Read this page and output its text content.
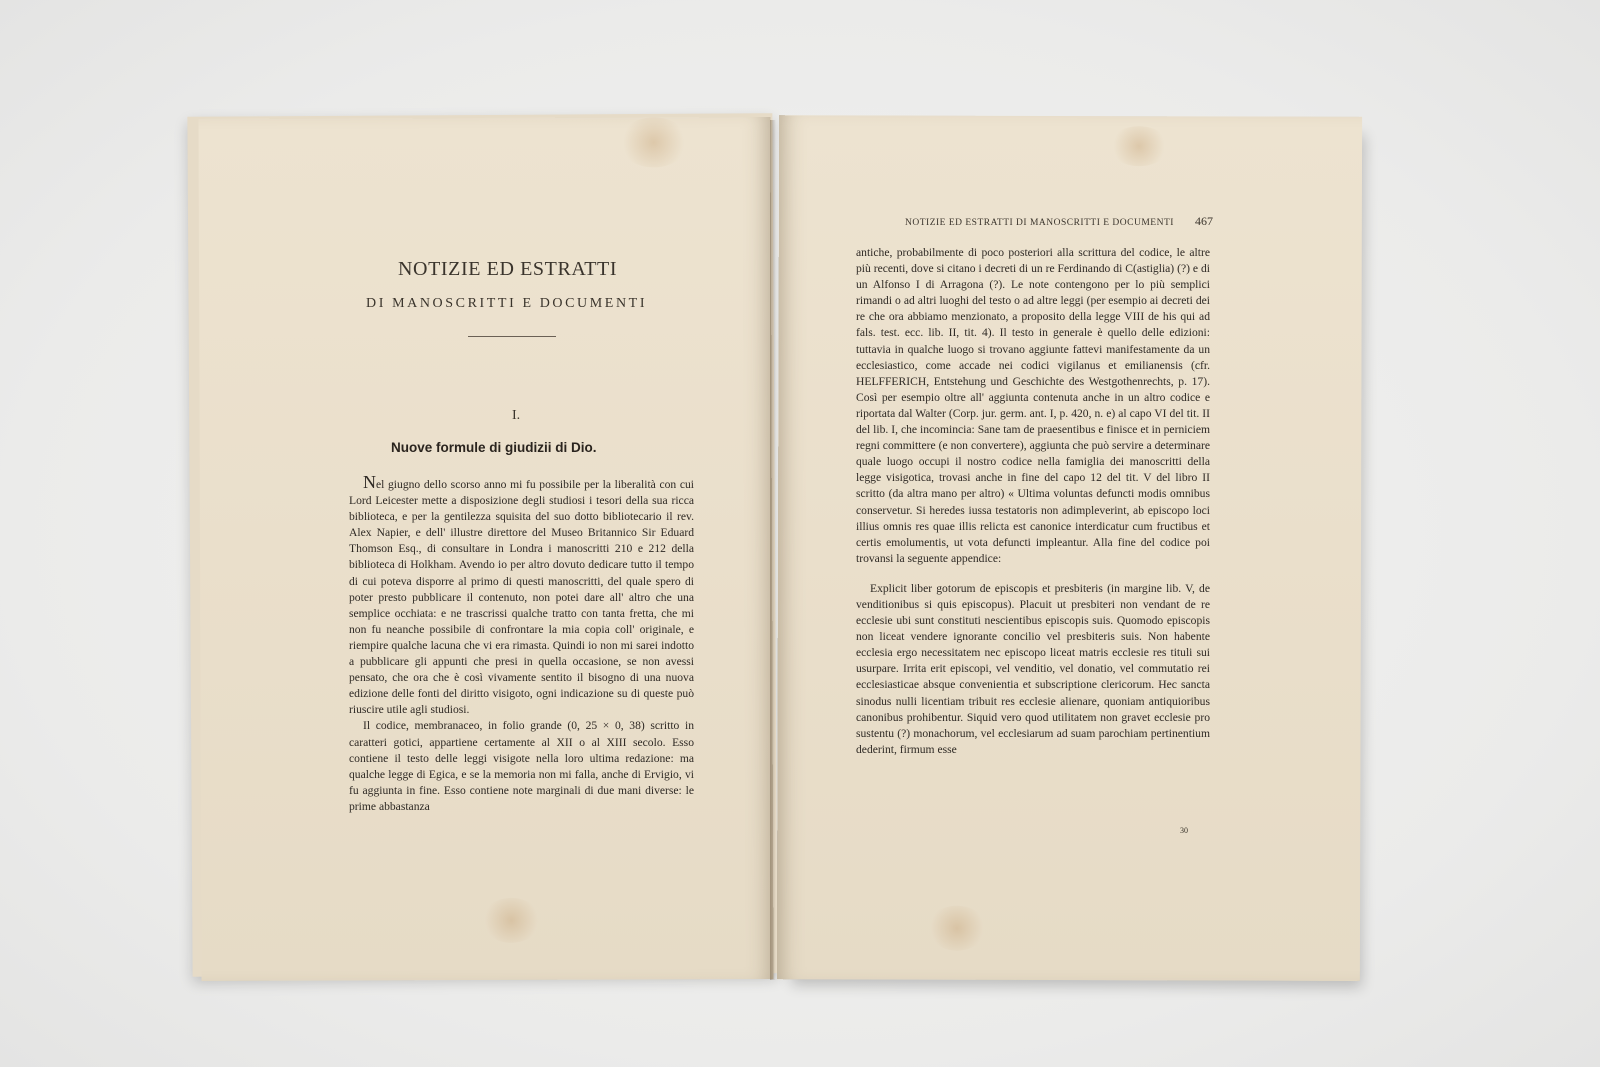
NOTIZIE ED ESTRATTI
DI MANOSCRITTI E DOCUMENTI
I.
Nuove formule di giudizii di Dio.

Nel giugno dello scorso anno mi fu possibile per la liberalità con cui Lord Leicester mette a disposizione degli studiosi i tesori della sua ricca biblioteca, e per la gentilezza squisita del suo dotto bibliotecario il rev. Alex Napier, e dell' illustre direttore del Museo Britannico Sir Eduard Thomson Esq., di consultare in Londra i manoscritti 210 e 212 della biblioteca di Holkham. Avendo io per altro dovuto dedicare tutto il tempo di cui poteva disporre al primo di questi manoscritti, del quale spero di poter presto pubblicare il contenuto, non potei dare all' altro che una semplice occhiata: e ne trascrissi qualche tratto con tanta fretta, che mi non fu neanche possibile di confrontare la mia copia coll' originale, e riempire qualche lacuna che vi era rimasta. Quindi io non mi sarei indotto a pubblicare gli appunti che presi in quella occasione, se non avessi pensato, che ora che è così vivamente sentito il bisogno di una nuova edizione delle fonti del diritto visigoto, ogni indicazione su di queste può riuscire utile agli studiosi.

Il codice, membranaceo, in folio grande (0, 25 × 0, 38) scritto in caratteri gotici, appartiene certamente al XII o al XIII secolo. Esso contiene il testo delle leggi visigote nella loro ultima redazione: ma qualche legge di Egica, e se la memoria non mi falla, anche di Ervigio, vi fu aggiunta in fine. Esso contiene note marginali di due mani diverse: le prime abbastanza

NOTIZIE ED ESTRATTI DI MANOSCRITTI E DOCUMENTI	467

antiche, probabilmente di poco posteriori alla scrittura del codice, le altre più recenti, dove si citano i decreti di un re Ferdinando di C(astiglia) (?) e di un Alfonso I di Arragona (?). Le note contengono per lo più semplici rimandi o ad altri luoghi del testo o ad altre leggi (per esempio ai decreti dei re che ora abbiamo menzionato, a proposito della legge VIII de his qui ad fals. test. ecc. lib. II, tit. 4). Il testo in generale è quello delle edizioni: tuttavia in qualche luogo si trovano aggiunte fattevi manifestamente da un ecclesiastico, come accade nei codici vigilanus et emilianensis (cfr. HELFFERICH, Entstehung und Geschichte des Westgothenrechts, p. 17). Così per esempio oltre all' aggiunta contenuta anche in un altro codice e riportata dal Walter (Corp. jur. germ. ant. I, p. 420, n. e) al capo VI del tit. II del lib. I, che incomincia: Sane tam de praesentibus e finisce et in perniciem regni committere (e non convertere), aggiunta che può servire a determinare quale luogo occupi il nostro codice nella famiglia dei manoscritti della legge visigotica, trovasi anche in fine del capo 12 del tit. V del libro II scritto (da altra mano per altro) « Ultima voluntas defuncti modis omnibus conservetur. Si heredes iussa testatoris non adimpleverint, ab episcopo loci illius omnis res quae illis relicta est canonice interdicatur cum fructibus et certis emolumentis, ut vota defuncti impleantur. Alla fine del codice poi trovansi la seguente appendice:

Explicit liber gotorum de episcopis et presbiteris (in margine lib. V, de venditionibus si quis episcopus). Placuit ut presbiteri non vendant de re ecclesie ubi sunt constituti nescientibus episcopis suis. Quomodo episcopis non liceat vendere ignorante concilio vel presbiteris suis. Non habente ecclesia ergo necessitatem nec episcopo liceat matris ecclesie res tituli sui usurpare. Irrita erit episcopi, vel venditio, vel donatio, vel commutatio rei ecclesiasticae absque convenientia et subscriptione clericorum. Hec sancta sinodus nulli licentiam tribuit res ecclesie alienare, quoniam antiquioribus canonibus prohibentur. Siquid vero quod utilitatem non gravet ecclesie pro sustentu (?) monachorum, vel ecclesiarum ad suam parochiam pertinentium dederint, firmum esse

30
